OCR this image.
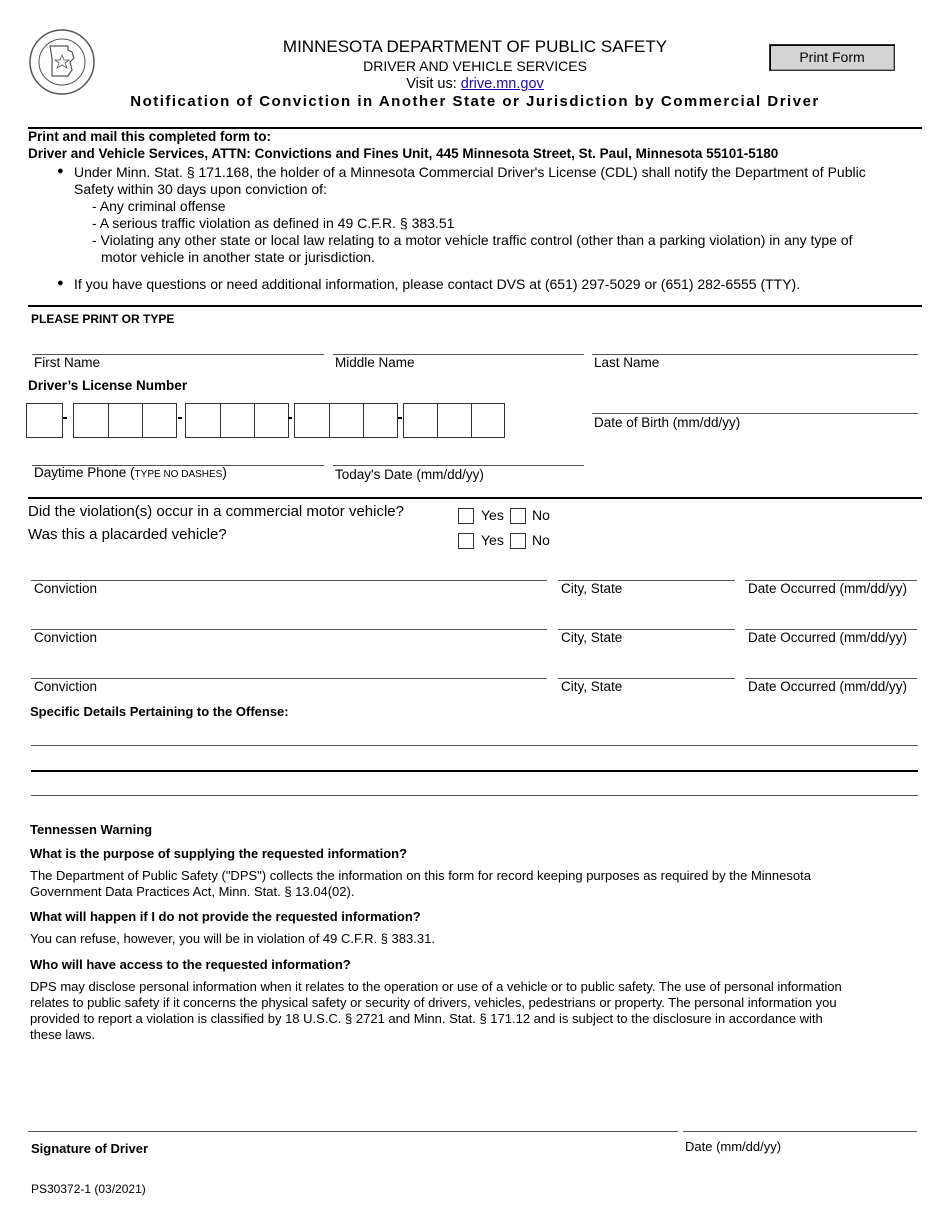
MINNESOTA DEPARTMENT OF PUBLIC SAFETY
DRIVER AND VEHICLE SERVICES
Visit us: drive.mn.gov
Notification of Conviction in Another State or Jurisdiction by Commercial Driver
Print Form
Print and mail this completed form to:
Driver and Vehicle Services, ATTN: Convictions and Fines Unit, 445 Minnesota Street, St. Paul, Minnesota 55101-5180
● Under Minn. Stat. § 171.168, the holder of a Minnesota Commercial Driver's License (CDL) shall notify the Department of Public
Safety within 30 days upon conviction of:
- Any criminal offense
- A serious traffic violation as defined in 49 C.F.R. § 383.51
- Violating any other state or local law relating to a motor vehicle traffic control (other than a parking violation) in any type of
motor vehicle in another state or jurisdiction.
● If you have questions or need additional information, please contact DVS at (651) 297-5029 or (651) 282-6555 (TTY).
PLEASE PRINT OR TYPE
First Name	Middle Name	Last Name
Driver’s License Number
Date of Birth (mm/dd/yy)
Daytime Phone (TYPE NO DASHES)	Today's Date (mm/dd/yy)
Did the violation(s) occur in a commercial motor vehicle?	Yes No
Was this a placarded vehicle?	Yes No
Conviction	City, State	Date Occurred (mm/dd/yy)
Conviction	City, State	Date Occurred (mm/dd/yy)
Conviction	City, State	Date Occurred (mm/dd/yy)
Specific Details Pertaining to the Offense:
Tennessen Warning
What is the purpose of supplying the requested information?
The Department of Public Safety ("DPS") collects the information on this form for record keeping purposes as required by the Minnesota
Government Data Practices Act, Minn. Stat. § 13.04(02).
What will happen if I do not provide the requested information?
You can refuse, however, you will be in violation of 49 C.F.R. § 383.31.
Who will have access to the requested information?
DPS may disclose personal information when it relates to the operation or use of a vehicle or to public safety. The use of personal information
relates to public safety if it concerns the physical safety or security of drivers, vehicles, pedestrians or property. The personal information you
provided to report a violation is classified by 18 U.S.C. § 2721 and Minn. Stat. § 171.12 and is subject to the disclosure in accordance with
these laws.
Signature of Driver	Date (mm/dd/yy)
PS30372-1 (03/2021)
